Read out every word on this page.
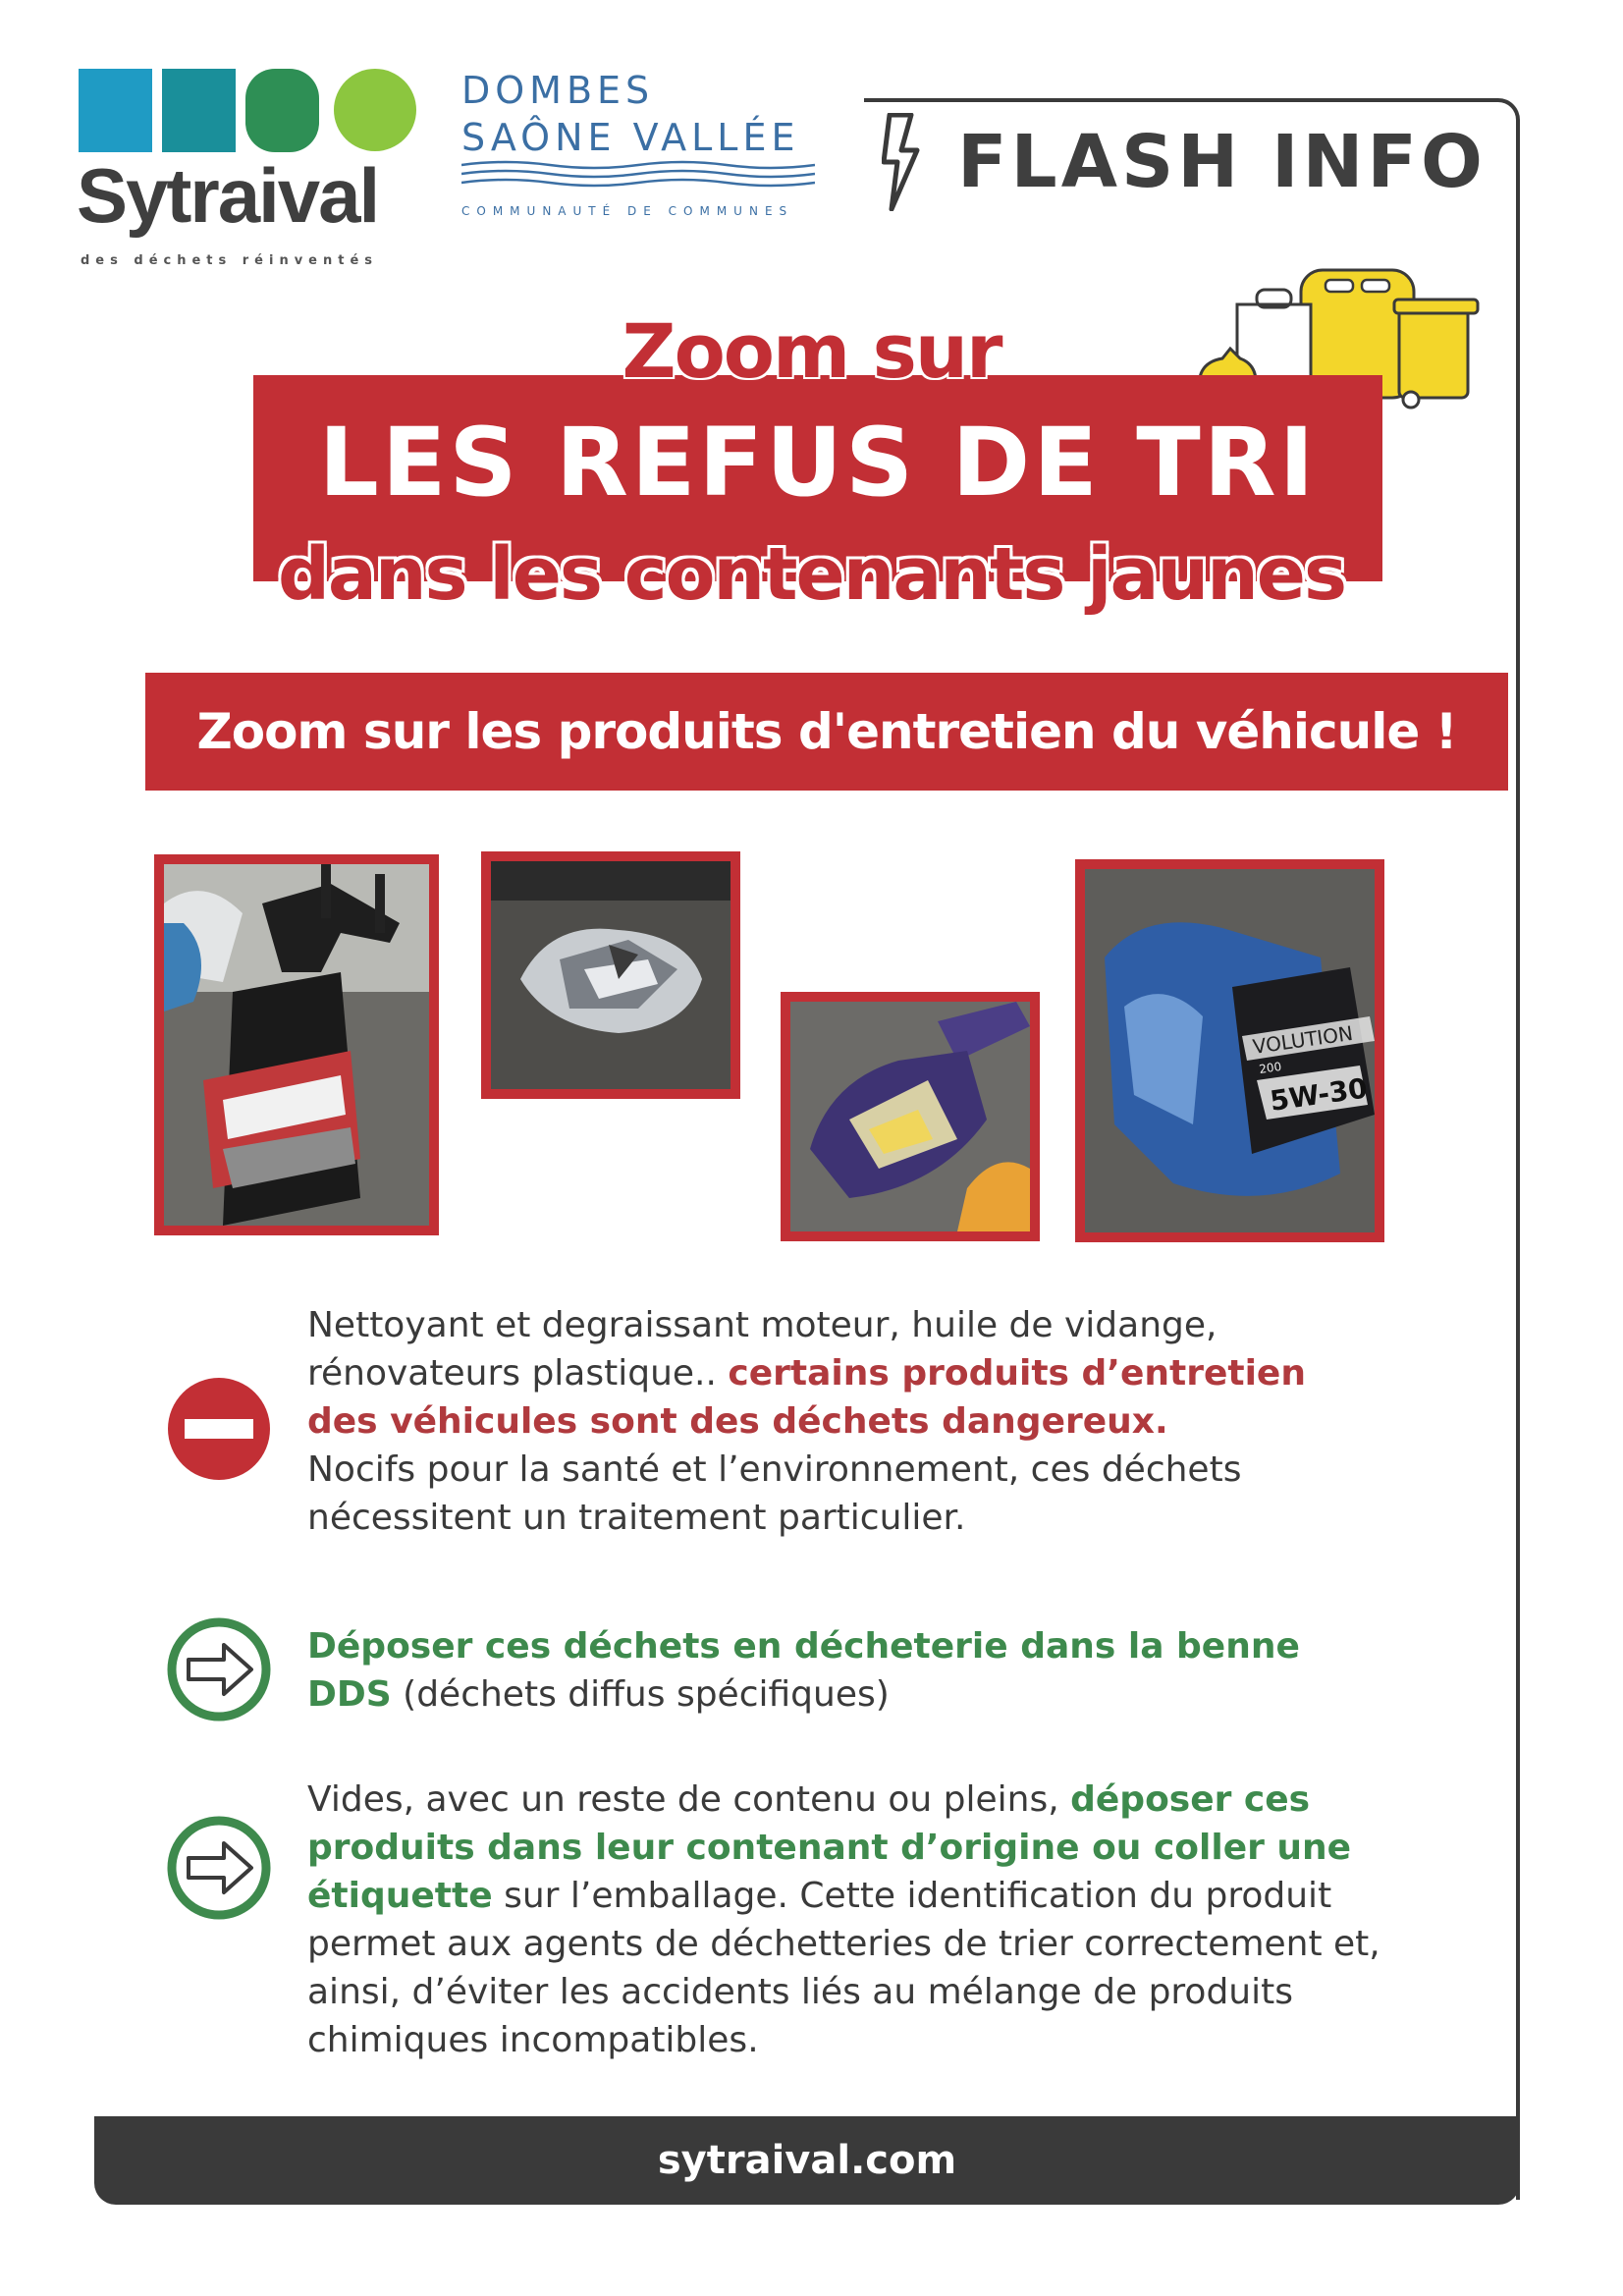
Sytraival
des déchets réinventés
DOMBES
SAÔNE VALLÉE
COMMUNAUTÉ DE COMMUNES
FLASH INFO
Zoom sur
LES REFUS DE TRI
dans les contenants jaunes
Zoom sur les produits d'entretien du véhicule !
VOLUTION
200
5W-30
Nettoyant et degraissant moteur, huile de vidange, rénovateurs plastique.. certains produits d’entretien des véhicules sont des déchets dangereux.
Nocifs pour la santé et l’environnement, ces déchets nécessitent un traitement particulier.
Déposer ces déchets en décheterie dans la benne DDS (déchets diffus spécifiques)
Vides, avec un reste de contenu ou pleins, déposer ces produits dans leur contenant d’origine ou coller une étiquette sur l’emballage. Cette identification du produit permet aux agents de déchetteries de trier correctement et, ainsi, d’éviter les accidents liés au mélange de produits chimiques incompatibles.
sytraival.com
